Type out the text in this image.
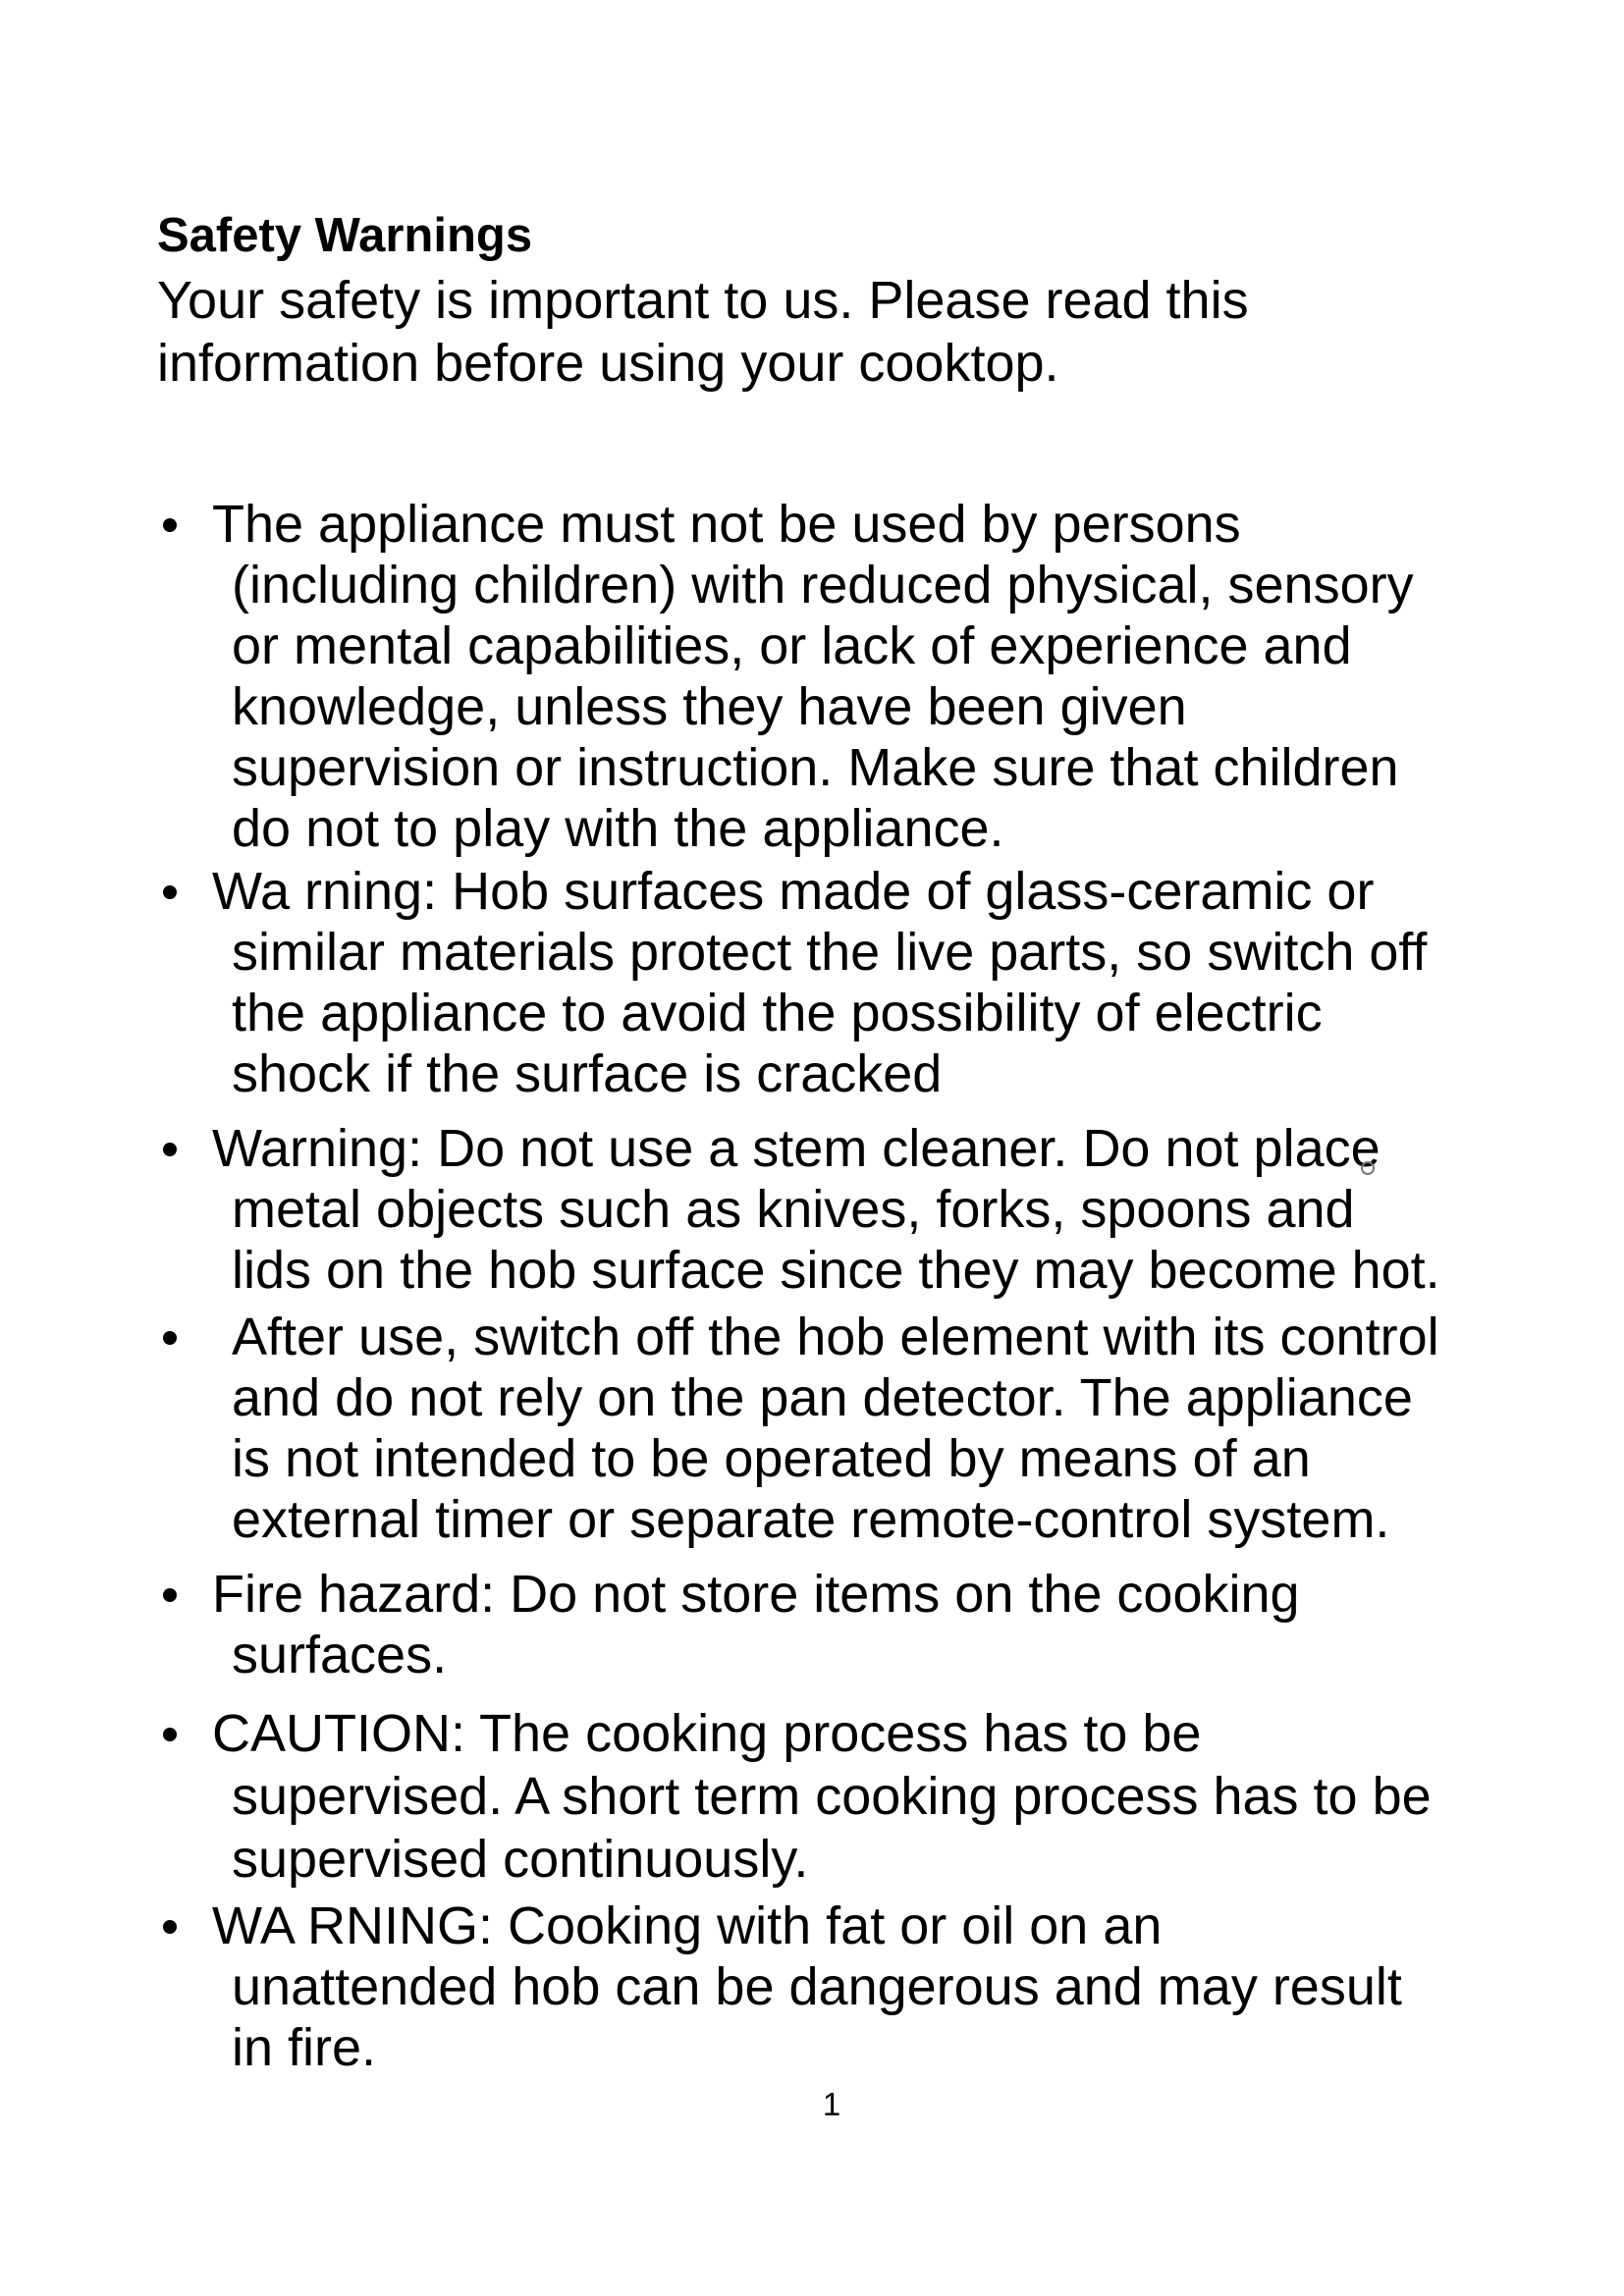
Safety Warnings

Your safety is important to us. Please read this
information before using your cooktop.

The appliance must not be used by persons

(including children) with reduced physical, sensory

or mental capabilities, or lack of experience and

knowledge, unless they have been given

supervision or instruction. Make sure that children

do not to play with the appliance.

Wa rning: Hob surfaces made of glass-ceramic or

similar materials protect the live parts, so switch off

the appliance to avoid the possibility of electric

shock if the surface is cracked

Warning: Do not use a stem cleaner. Do not place

metal objects such as knives, forks, spoons and

lids on the hob surface since they may become hot.

After use, switch off the hob element with its control

and do not rely on the pan detector. The appliance

is not intended to be operated by means of an

external timer or separate remote-control system.

Fire hazard: Do not store items on the cooking

surfaces.

CAUTION: The cooking process has to be

supervised. A short term cooking process has to be

supervised continuously.

WA RNING: Cooking with fat or oil on an

unattended hob can be dangerous and may result

in fire.

1
